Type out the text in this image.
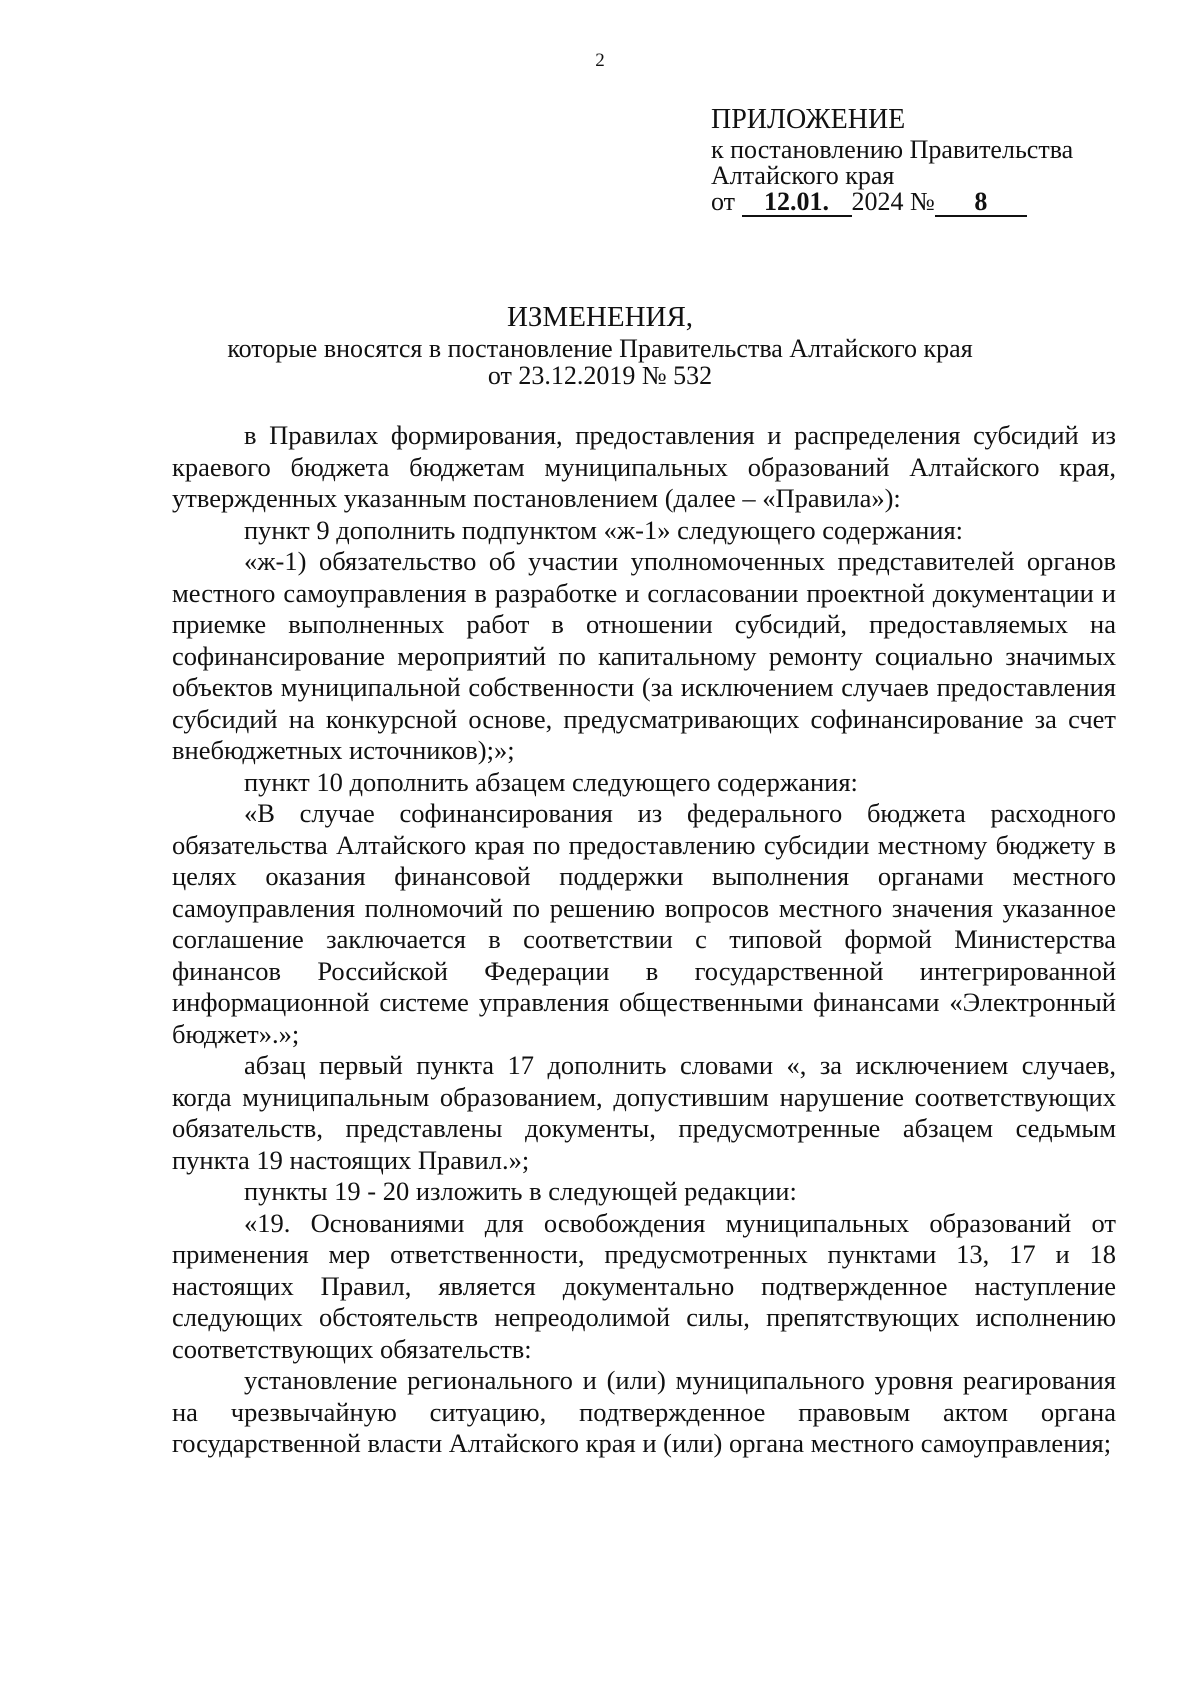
2
ПРИЛОЖЕНИЕ
к постановлению Правительства
Алтайского края
от 12.01. 2024 № 8
ИЗМЕНЕНИЯ,
которые вносятся в постановление Правительства Алтайского края
от 23.12.2019 № 532

в Правилах формирования, предоставления и распределения субсидий из краевого бюджета бюджетам муниципальных образований Алтайского края, утвержденных указанным постановлением (далее – «Правила»):

пункт 9 дополнить подпунктом «ж-1» следующего содержания:

«ж-1) обязательство об участии уполномоченных представителей органов местного самоуправления в разработке и согласовании проектной документации и приемке выполненных работ в отношении субсидий, предоставляемых на софинансирование мероприятий по капитальному ремонту социально значимых объектов муниципальной собственности (за исключением случаев предоставления субсидий на конкурсной основе, предусматривающих софинансирование за счет внебюджетных источников);»;

пункт 10 дополнить абзацем следующего содержания:

«В случае софинансирования из федерального бюджета расходного обязательства Алтайского края по предоставлению субсидии местному бюджету в целях оказания финансовой поддержки выполнения органами местного самоуправления полномочий по решению вопросов местного значения указанное соглашение заключается в соответствии с типовой формой Министерства финансов Российской Федерации в государственной интегрированной информационной системе управления общественными финансами «Электронный бюджет».»;

абзац первый пункта 17 дополнить словами «, за исключением случаев, когда муниципальным образованием, допустившим нарушение соответствующих обязательств, представлены документы, предусмотренные абзацем седьмым пункта 19 настоящих Правил.»;

пункты 19 - 20 изложить в следующей редакции:

«19. Основаниями для освобождения муниципальных образований от применения мер ответственности, предусмотренных пунктами 13, 17 и 18 настоящих Правил, является документально подтвержденное наступление следующих обстоятельств непреодолимой силы, препятствующих исполнению соответствующих обязательств:

установление регионального и (или) муниципального уровня реагирования на чрезвычайную ситуацию, подтвержденное правовым актом органа государственной власти Алтайского края и (или) органа местного самоуправления;
